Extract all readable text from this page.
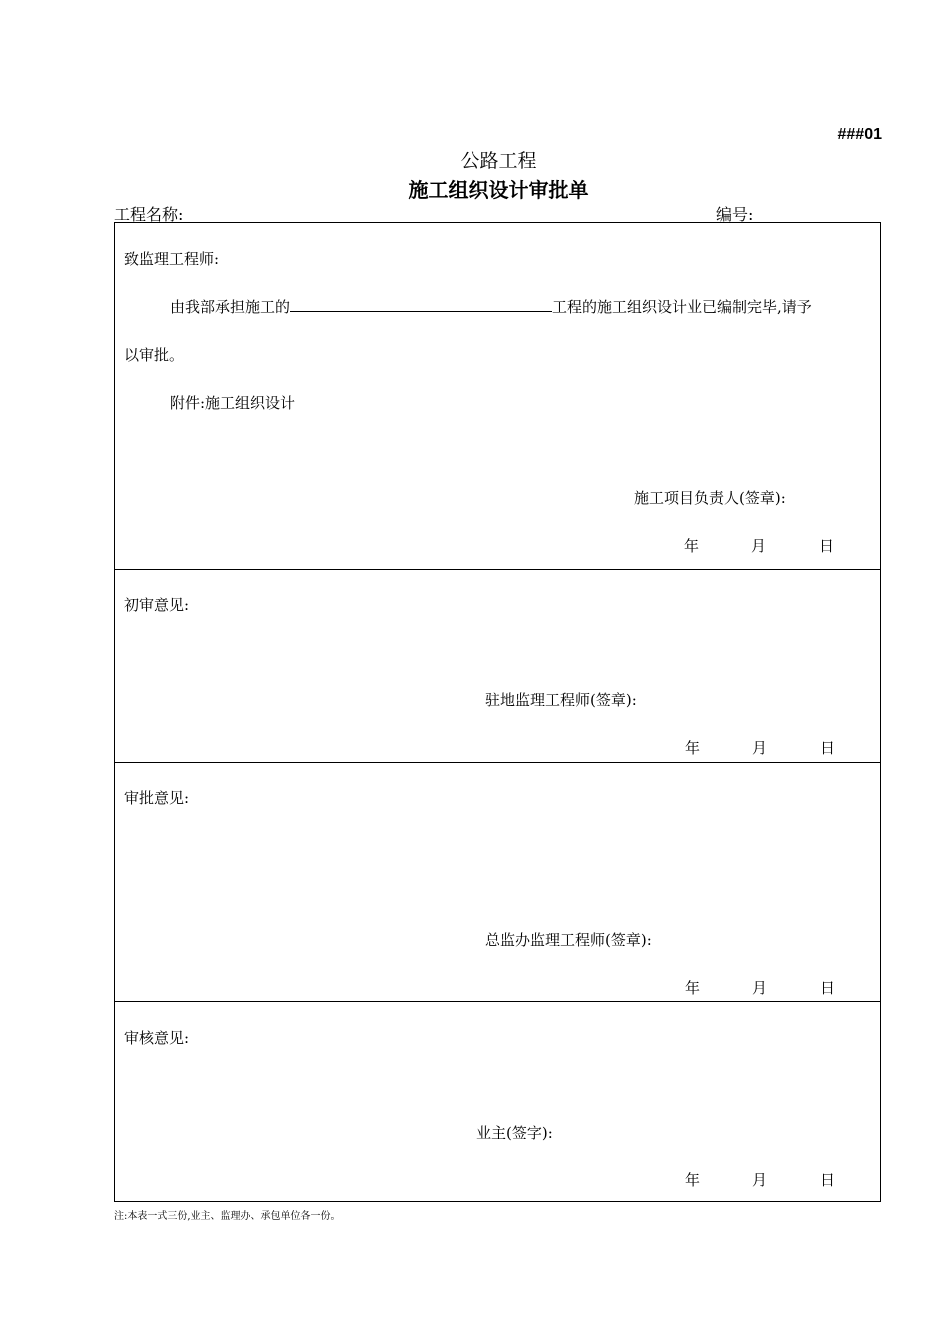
###01
公路工程
施工组织设计审批单
工程名称:	编号:
致监理工程师:
由我部承担施工的	工程的施工组织设计业已编制完毕,请予
以审批。
附件:施工组织设计
施工项目负责人(签章):
年	月	日
初审意见:
驻地监理工程师(签章):
年	月	日
审批意见:
总监办监理工程师(签章):
年	月	日
审核意见:
业主(签字):
年	月	日
注:本表一式三份,业主、监理办、承包单位各一份。
